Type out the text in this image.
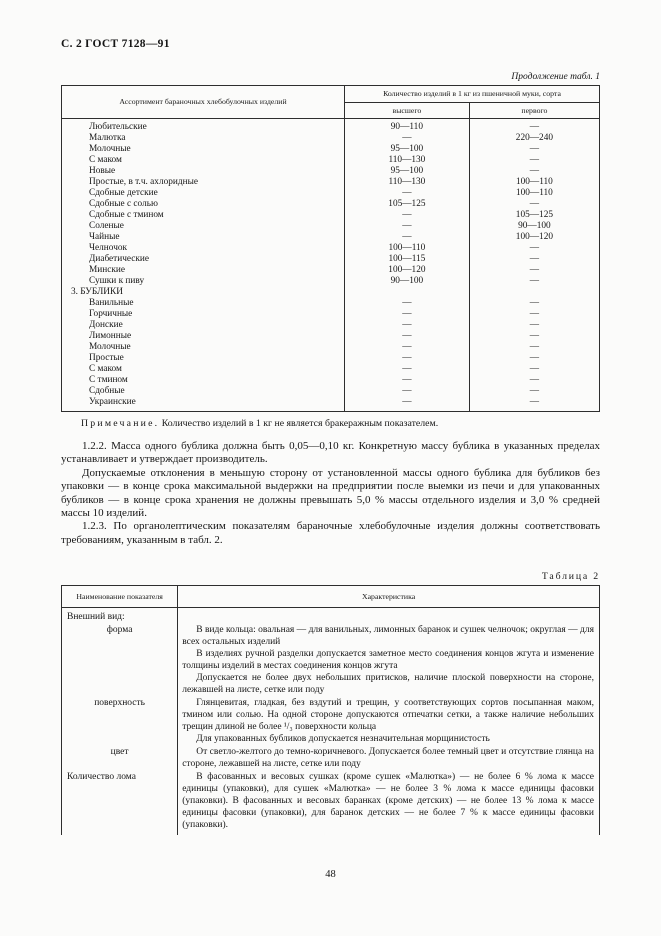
С. 2 ГОСТ 7128—91
Продолжение табл. 1
Ассортимент бараночных хлебобулочных изделий	Количество изделий в 1 кг из пшеничной муки, сорта	
	высшего	первого
Любительские	90—110	—
Малютка	—	220—240
Молочные	95—100	—
С маком	110—130	—
Новые	95—100	—
Простые, в т.ч. ахлоридные	110—130	100—110
Сдобные детские	—	100—110
Сдобные с солью	105—125	—
Сдобные с тмином	—	105—125
Соленые	—	90—100
Чайные	—	100—120
Челночок	100—110	—
Диабетические	100—115	—
Минские	100—120	—
Сушки к пиву	90—100	—
3. БУБЛИКИ		
Ванильные	—	—
Горчичные	—	—
Донские	—	—
Лимонные	—	—
Молочные	—	—
Простые	—	—
С маком	—	—
С тмином	—	—
Сдобные	—	—
Украинские	—	—
Примечание. Количество изделий в 1 кг не является бракеражным показателем.

1.2.2. Масса одного бублика должна быть 0,05—0,10 кг. Конкретную массу бублика в указанных пределах устанавливает и утверждает производитель.

Допускаемые отклонения в меньшую сторону от установленной массы одного бублика для бубликов без упаковки — в конце срока максимальной выдержки на предприятии после выемки из печи и для упакованных бубликов — в конце срока хранения не должны превышать 5,0 % массы отдельного изделия и 3,0 % средней массы 10 изделий.

1.2.3. По органолептическим показателям бараночные хлебобулочные изделия должны соответствовать требованиям, указанным в табл. 2.

Таблица 2
Наименование показателя	Характеристика
Внешний вид:	
форма	В виде кольца: овальная — для ванильных, лимонных баранок и сушек челночок; округлая — для всех остальных изделий
В изделиях ручной разделки допускается заметное место соединения концов жгута и изменение толщины изделий в местах соединения концов жгута
Допускается не более двух небольших притисков, наличие плоской поверхности на стороне, лежавшей на листе, сетке или поду

поверхность	Глянцевитая, гладкая, без вздутий и трещин, у соответствующих сортов посыпанная маком, тмином или солью. На одной стороне допускаются отпечатки сетки, а также наличие небольших трещин длиной не более ¹/₃ поверхности кольца
Для упакованных бубликов допускается незначительная морщинистость

цвет	От светло-желтого до темно-коричневого. Допускается более темный цвет и отсутствие глянца на стороне, лежавшей на листе, сетке или поду

Количество лома	В фасованных и весовых сушках (кроме сушек «Малютка») — не более 6 % лома к массе единицы (упаковки), для сушек «Малютка» — не более 3 % лома к массе единицы фасовки (упаковки). В фасованных и весовых баранках (кроме детских) — не более 13 % лома к массе единицы фасовки (упаковки), для баранок детских — не более 7 % к массе единицы фасовки (упаковки).
48
